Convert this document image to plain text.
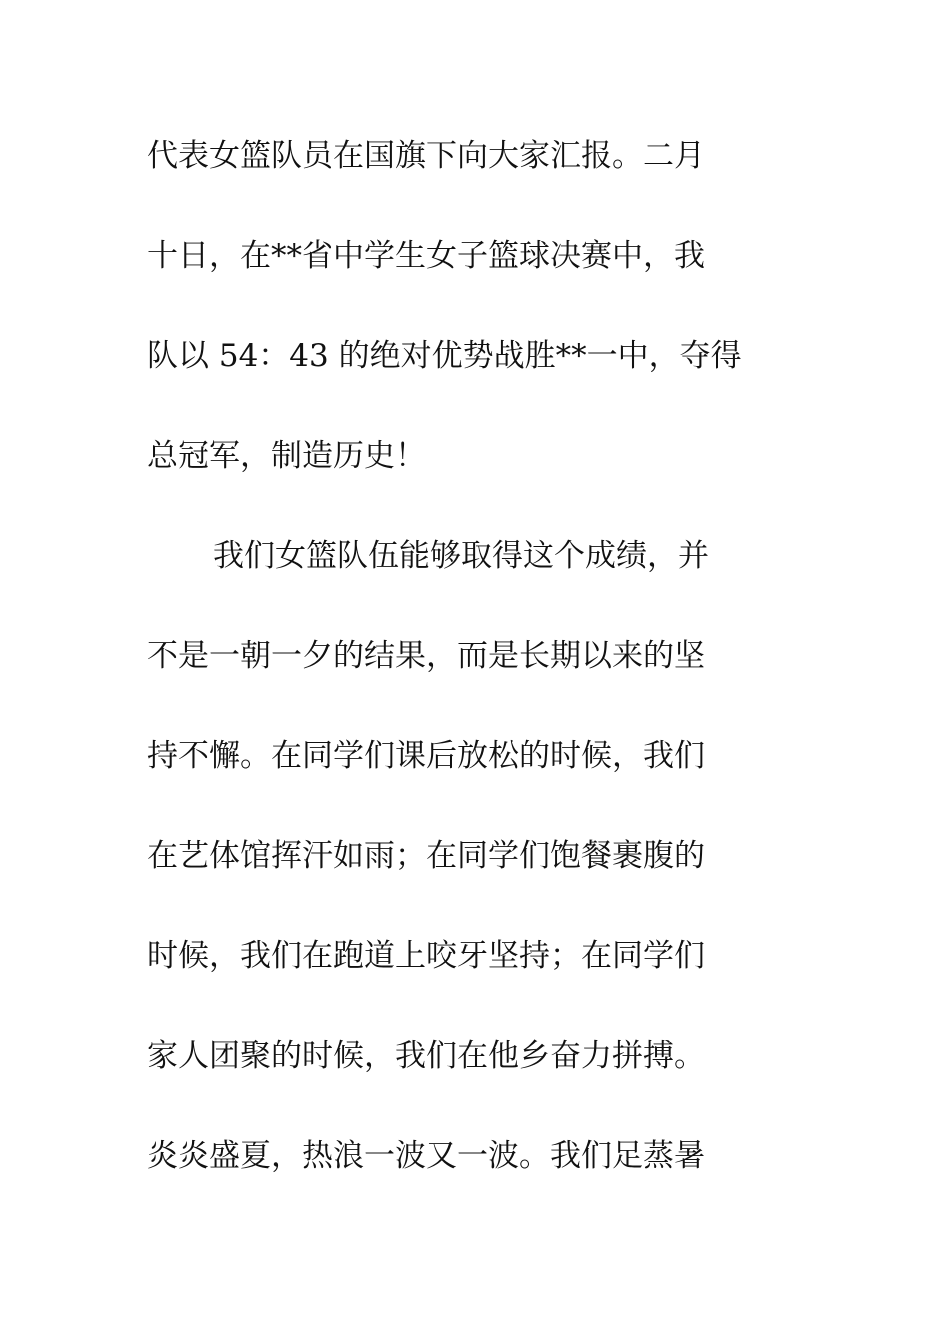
代表女篮队员在国旗下向大家汇报。二月
十日，在**省中学生女子篮球决赛中，我
队以 54：43 的绝对优势战胜**一中，夺得
总冠军，制造历史！
我们女篮队伍能够取得这个成绩，并
不是一朝一夕的结果，而是长期以来的坚
持不懈。在同学们课后放松的时候，我们
在艺体馆挥汗如雨；在同学们饱餐裹腹的
时候，我们在跑道上咬牙坚持；在同学们
家人团聚的时候，我们在他乡奋力拼搏。
炎炎盛夏，热浪一波又一波。我们足蒸暑
